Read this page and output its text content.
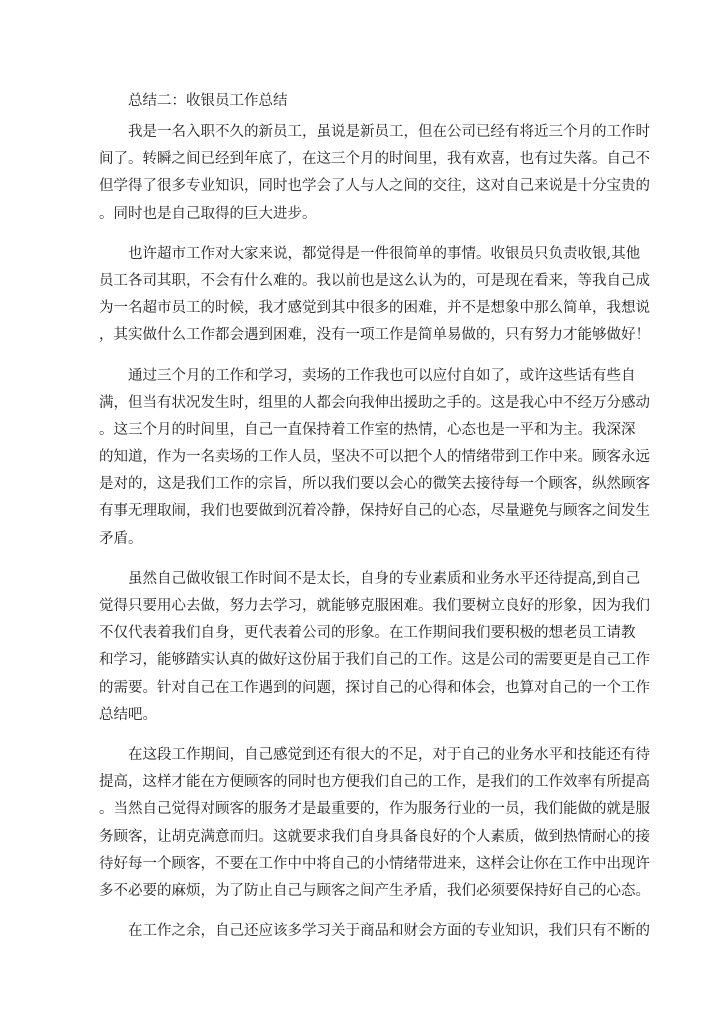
总结二：收银员工作总结
我是一名入职不久的新员工，虽说是新员工，但在公司已经有将近三个月的工作时
间了。转瞬之间已经到年底了，在这三个月的时间里，我有欢喜，也有过失落。自己不
但学得了很多专业知识，同时也学会了人与人之间的交往，这对自己来说是十分宝贵的
。同时也是自己取得的巨大进步。
也许超市工作对大家来说，都觉得是一件很简单的事情。收银员只负责收银,其他
员工各司其职，不会有什么难的。我以前也是这么认为的，可是现在看来，等我自己成
为一名超市员工的时候，我才感觉到其中很多的困难，并不是想象中那么简单，我想说
，其实做什么工作都会遇到困难，没有一项工作是简单易做的，只有努力才能够做好！
通过三个月的工作和学习，卖场的工作我也可以应付自如了，或许这些话有些自
满，但当有状况发生时，组里的人都会向我伸出援助之手的。这是我心中不经万分感动
。这三个月的时间里，自己一直保持着工作室的热情，心态也是一平和为主。我深深
的知道，作为一名卖场的工作人员，坚决不可以把个人的情绪带到工作中来。顾客永远
是对的，这是我们工作的宗旨，所以我们要以会心的微笑去接待每一个顾客，纵然顾客
有事无理取闹，我们也要做到沉着冷静，保持好自己的心态，尽量避免与顾客之间发生
矛盾。
虽然自己做收银工作时间不是太长，自身的专业素质和业务水平还待提高,到自己
觉得只要用心去做，努力去学习，就能够克服困难。我们要树立良好的形象，因为我们
不仅代表着我们自身，更代表着公司的形象。在工作期间我们要积极的想老员工请教
和学习，能够踏实认真的做好这份届于我们自己的工作。这是公司的需要更是自己工作
的需要。针对自己在工作遇到的问题，探讨自己的心得和体会，也算对自己的一个工作
总结吧。
在这段工作期间，自己感觉到还有很大的不足，对于自己的业务水平和技能还有待
提高，这样才能在方便顾客的同时也方便我们自己的工作，是我们的工作效率有所提高
。当然自己觉得对顾客的服务才是最重要的，作为服务行业的一员，我们能做的就是服
务顾客，让胡克满意而归。这就要求我们自身具备良好的个人素质，做到热情耐心的接
待好每一个顾客，不要在工作中中将自己的小情绪带进来，这样会让你在工作中出现许
多不必要的麻烦，为了防止自己与顾客之间产生矛盾，我们必须要保持好自己的心态。
在工作之余，自己还应该多学习关于商品和财会方面的专业知识，我们只有不断的
